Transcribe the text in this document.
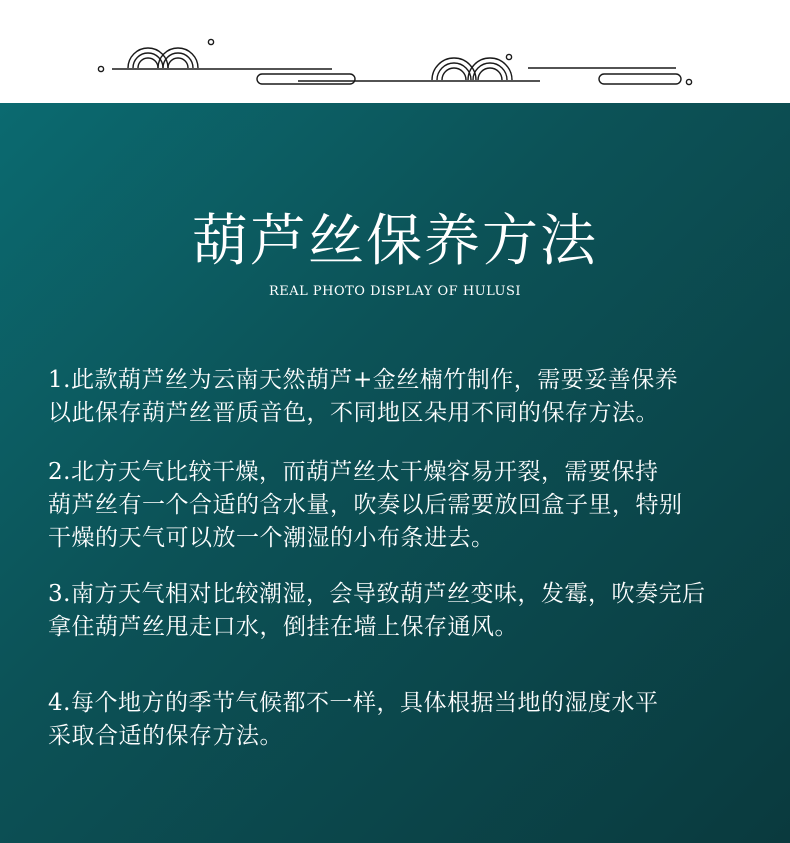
葫芦丝保养方法

REAL PHOTO DISPLAY OF HULUSI

1.此款葫芦丝为云南天然葫芦+金丝楠竹制作，需要妥善保养
以此保存葫芦丝晋质音色，不同地区朵用不同的保存方法。

2.北方天气比较干燥，而葫芦丝太干燥容易开裂，需要保持
葫芦丝有一个合适的含水量，吹奏以后需要放回盒子里，特别
干燥的天气可以放一个潮湿的小布条进去。

3.南方天气相对比较潮湿，会导致葫芦丝变味，发霉，吹奏完后
拿住葫芦丝甩走口水，倒挂在墙上保存通风。

4.每个地方的季节气候都不一样，具体根据当地的湿度水平
采取合适的保存方法。
